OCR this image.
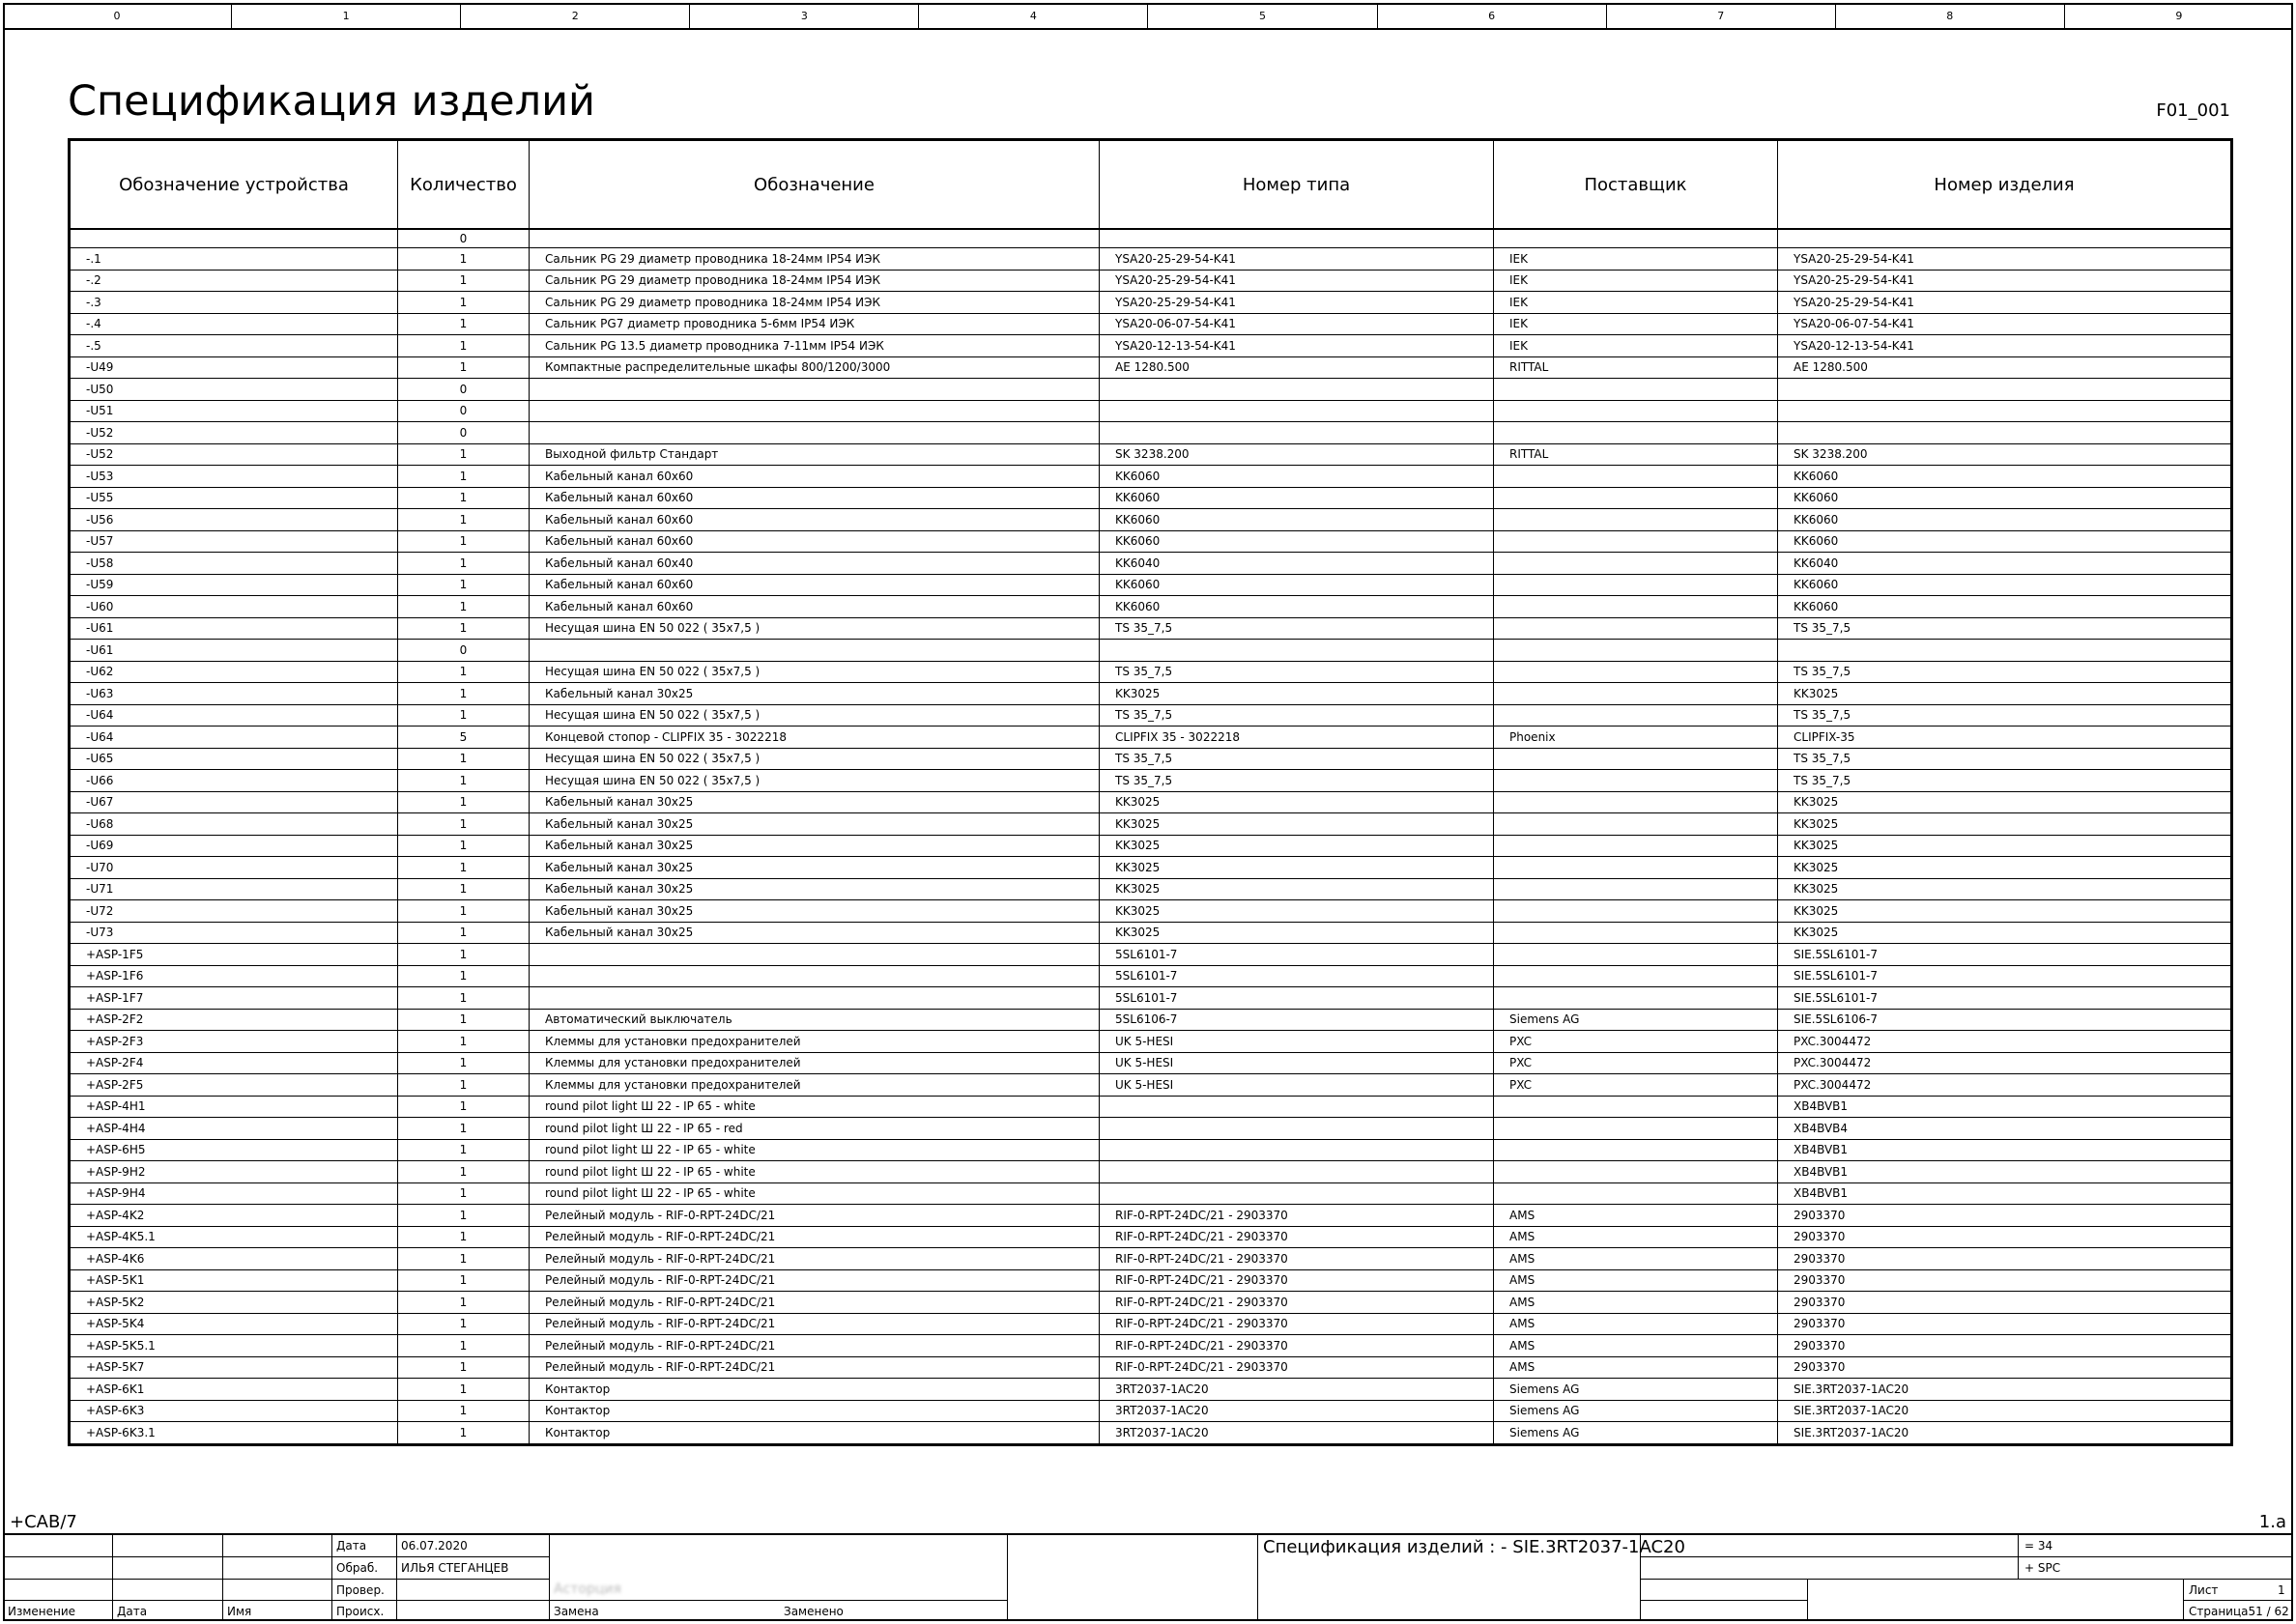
0	1	2	3	4	5	6	7	8	9
Спецификация изделий	F01_001
Обозначение устройства	Количество	Обозначение	Номер типа	Поставщик	Номер изделия
	0				
-.1	1	Сальник PG 29 диаметр проводника 18-24мм IP54 ИЭК	YSA20-25-29-54-K41	IEK	YSA20-25-29-54-K41
-.2	1	Сальник PG 29 диаметр проводника 18-24мм IP54 ИЭК	YSA20-25-29-54-K41	IEK	YSA20-25-29-54-K41
-.3	1	Сальник PG 29 диаметр проводника 18-24мм IP54 ИЭК	YSA20-25-29-54-K41	IEK	YSA20-25-29-54-K41
-.4	1	Сальник PG7 диаметр проводника 5-6мм IP54 ИЭК	YSA20-06-07-54-K41	IEK	YSA20-06-07-54-K41
-.5	1	Сальник PG 13.5 диаметр проводника 7-11мм IP54 ИЭК	YSA20-12-13-54-K41	IEK	YSA20-12-13-54-K41
-U49	1	Компактные распределительные шкафы 800/1200/3000	AE 1280.500	RITTAL	AE 1280.500
-U50	0				
-U51	0				
-U52	0				
-U52	1	Выходной фильтр Стандарт	SK 3238.200	RITTAL	SK 3238.200
-U53	1	Кабельный канал 60x60	KK6060		KK6060
-U55	1	Кабельный канал 60x60	KK6060		KK6060
-U56	1	Кабельный канал 60x60	KK6060		KK6060
-U57	1	Кабельный канал 60x60	KK6060		KK6060
-U58	1	Кабельный канал 60x40	KK6040		KK6040
-U59	1	Кабельный канал 60x60	KK6060		KK6060
-U60	1	Кабельный канал 60x60	KK6060		KK6060
-U61	1	Несущая шина EN 50 022 ( 35x7,5 )	TS 35_7,5		TS 35_7,5
-U61	0				
-U62	1	Несущая шина EN 50 022 ( 35x7,5 )	TS 35_7,5		TS 35_7,5
-U63	1	Кабельный канал 30x25	KK3025		KK3025
-U64	1	Несущая шина EN 50 022 ( 35x7,5 )	TS 35_7,5		TS 35_7,5
-U64	5	Концевой стопор - CLIPFIX 35 - 3022218	CLIPFIX 35 - 3022218	Phoenix	CLIPFIX-35
-U65	1	Несущая шина EN 50 022 ( 35x7,5 )	TS 35_7,5		TS 35_7,5
-U66	1	Несущая шина EN 50 022 ( 35x7,5 )	TS 35_7,5		TS 35_7,5
-U67	1	Кабельный канал 30x25	KK3025		KK3025
-U68	1	Кабельный канал 30x25	KK3025		KK3025
-U69	1	Кабельный канал 30x25	KK3025		KK3025
-U70	1	Кабельный канал 30x25	KK3025		KK3025
-U71	1	Кабельный канал 30x25	KK3025		KK3025
-U72	1	Кабельный канал 30x25	KK3025		KK3025
-U73	1	Кабельный канал 30x25	KK3025		KK3025
+ASP-1F5	1		5SL6101-7		SIE.5SL6101-7
+ASP-1F6	1		5SL6101-7		SIE.5SL6101-7
+ASP-1F7	1		5SL6101-7		SIE.5SL6101-7
+ASP-2F2	1	Автоматический выключатель	5SL6106-7	Siemens AG	SIE.5SL6106-7
+ASP-2F3	1	Клеммы для установки предохранителей	UK 5-HESI	PXC	PXC.3004472
+ASP-2F4	1	Клеммы для установки предохранителей	UK 5-HESI	PXC	PXC.3004472
+ASP-2F5	1	Клеммы для установки предохранителей	UK 5-HESI	PXC	PXC.3004472
+ASP-4H1	1	round pilot light Ш 22 - IP 65 - white			XB4BVB1
+ASP-4H4	1	round pilot light Ш 22 - IP 65 - red			XB4BVB4
+ASP-6H5	1	round pilot light Ш 22 - IP 65 - white			XB4BVB1
+ASP-9H2	1	round pilot light Ш 22 - IP 65 - white			XB4BVB1
+ASP-9H4	1	round pilot light Ш 22 - IP 65 - white			XB4BVB1
+ASP-4K2	1	Релейный модуль - RIF-0-RPT-24DC/21	RIF-0-RPT-24DC/21 - 2903370	AMS	2903370
+ASP-4K5.1	1	Релейный модуль - RIF-0-RPT-24DC/21	RIF-0-RPT-24DC/21 - 2903370	AMS	2903370
+ASP-4K6	1	Релейный модуль - RIF-0-RPT-24DC/21	RIF-0-RPT-24DC/21 - 2903370	AMS	2903370
+ASP-5K1	1	Релейный модуль - RIF-0-RPT-24DC/21	RIF-0-RPT-24DC/21 - 2903370	AMS	2903370
+ASP-5K2	1	Релейный модуль - RIF-0-RPT-24DC/21	RIF-0-RPT-24DC/21 - 2903370	AMS	2903370
+ASP-5K4	1	Релейный модуль - RIF-0-RPT-24DC/21	RIF-0-RPT-24DC/21 - 2903370	AMS	2903370
+ASP-5K5.1	1	Релейный модуль - RIF-0-RPT-24DC/21	RIF-0-RPT-24DC/21 - 2903370	AMS	2903370
+ASP-5K7	1	Релейный модуль - RIF-0-RPT-24DC/21	RIF-0-RPT-24DC/21 - 2903370	AMS	2903370
+ASP-6K1	1	Контактор	3RT2037-1AC20	Siemens AG	SIE.3RT2037-1AC20
+ASP-6K3	1	Контактор	3RT2037-1AC20	Siemens AG	SIE.3RT2037-1AC20
+ASP-6K3.1	1	Контактор	3RT2037-1AC20	Siemens AG	SIE.3RT2037-1AC20
+CAB/7	1.a
Дата	06.07.2020
Обраб. ИЛЬЯ СТЕГАНЦЕВ
Провер.
Происх.
Изменение	Дата	Имя
Асторция
Замена	Заменено
Спецификация изделий : - SIE.3RT2037-1AC20	= 34
+ SPC
Лист	1
Страница51 / 62
